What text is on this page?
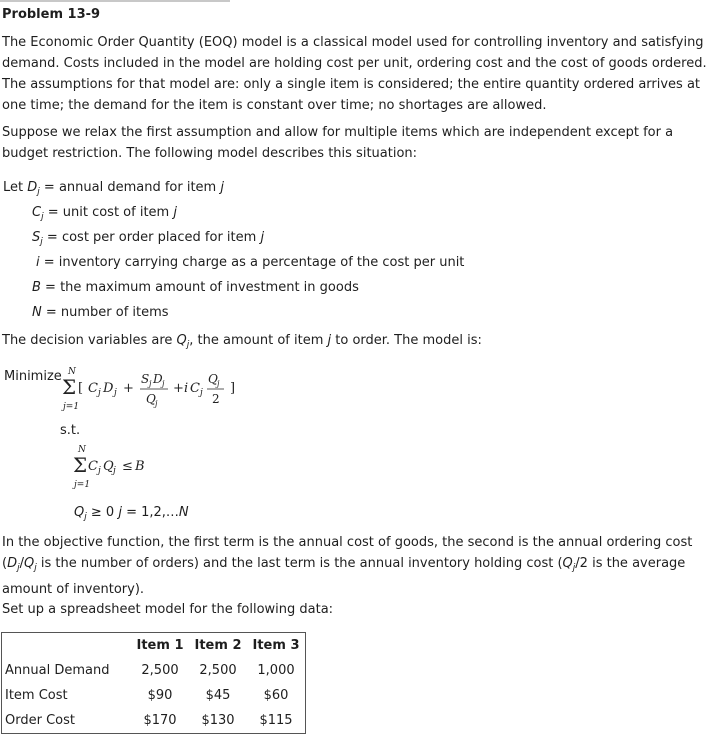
Problem 13-9
The Economic Order Quantity (EOQ) model is a classical model used for controlling inventory and satisfying demand. Costs included in the model are holding cost per unit, ordering cost and the cost of goods ordered. The assumptions for that model are: only a single item is considered; the entire quantity ordered arrives at one time; the demand for the item is constant over time; no shortages are allowed.
Suppose we relax the first assumption and allow for multiple items which are independent except for a budget restriction. The following model describes this situation:
Let $D_j$ = annual demand for item j
$C_j$ = unit cost of item j
$S_j = \cos t$ per order placed for item j
i = inventory carrying charge as a percentage of the cost per unit
B = the maximum amount of investment in goods
N = number of items
The decision variables are $Q_j$, the amount of item j to order. The model is:
Minimize N
Σ
j=1
[ C j D j +
S j D j
Q j
+ i C j
Q j
2
]
s.t.
N
Σ
j=1
C j Q j ≤ B
$Q_j \ge 0$ j = 1,2,…N
In the objective function, the first term is the annual cost of goods, the second is the annual ordering cost ($D_j/Q_j$ is the number of orders) and the last term is the annual inventory holding cost ($Q_j/2$ is the average amount of inventory).
Set up a spreadsheet model for the following data:
	Item 1	Item 2	Item 3
Annual Demand	2,500	2,500	1,000
Item Cost	$90	$45	$60
Order Cost	$170	$130	$115
